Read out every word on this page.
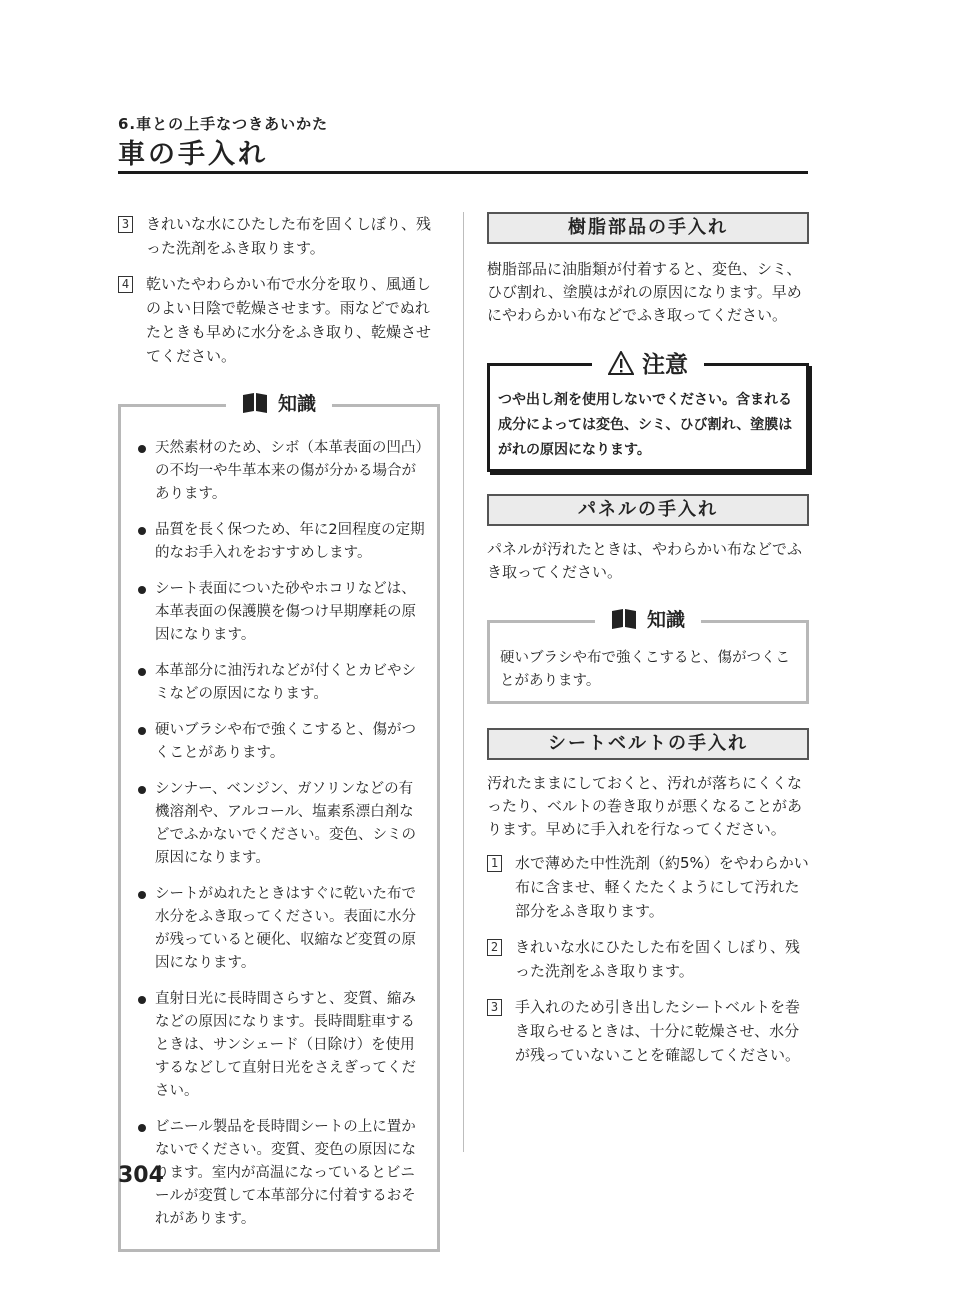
6.車との上手なつきあいかた
車の手入れ
3 きれいな水にひたした布を固くしぼり、残った洗剤をふき取ります。
4 乾いたやわらかい布で水分を取り、風通しのよい日陰で乾燥させます。雨などでぬれたときも早めに水分をふき取り、乾燥させてください。
知識
天然素材のため、シボ（本革表面の凹凸）の不均一や牛革本来の傷が分かる場合があります。
品質を長く保つため、年に2回程度の定期的なお手入れをおすすめします。
シート表面についた砂やホコリなどは、本革表面の保護膜を傷つけ早期摩耗の原因になります。
本革部分に油汚れなどが付くとカビやシミなどの原因になります。
硬いブラシや布で強くこすると、傷がつくことがあります。
シンナー、ベンジン、ガソリンなどの有機溶剤や、アルコール、塩素系漂白剤などでふかないでください。変色、シミの原因になります。
シートがぬれたときはすぐに乾いた布で水分をふき取ってください。表面に水分が残っていると硬化、収縮など変質の原因になります。
直射日光に長時間さらすと、変質、縮みなどの原因になります。長時間駐車するときは、サンシェード（日除け）を使用するなどして直射日光をさえぎってください。
ビニール製品を長時間シートの上に置かないでください。変質、変色の原因になります。室内が高温になっているとビニールが変質して本革部分に付着するおそれがあります。
樹脂部品の手入れ

樹脂部品に油脂類が付着すると、変色、シミ、ひび割れ、塗膜はがれの原因になります。早めにやわらかい布などでふき取ってください。

注意

つや出し剤を使用しないでください。含まれる成分によっては変色、シミ、ひび割れ、塗膜はがれの原因になります。

パネルの手入れ

パネルが汚れたときは、やわらかい布などでふき取ってください。

知識

硬いブラシや布で強くこすると、傷がつくことがあります。

シートベルトの手入れ

汚れたままにしておくと、汚れが落ちにくくなったり、ベルトの巻き取りが悪くなることがあります。早めに手入れを行なってください。

1 水で薄めた中性洗剤（約5%）をやわらかい布に含ませ、軽くたたくようにして汚れた部分をふき取ります。
2 きれいな水にひたした布を固くしぼり、残った洗剤をふき取ります。
3 手入れのため引き出したシートベルトを巻き取らせるときは、十分に乾燥させ、水分が残っていないことを確認してください。
304
